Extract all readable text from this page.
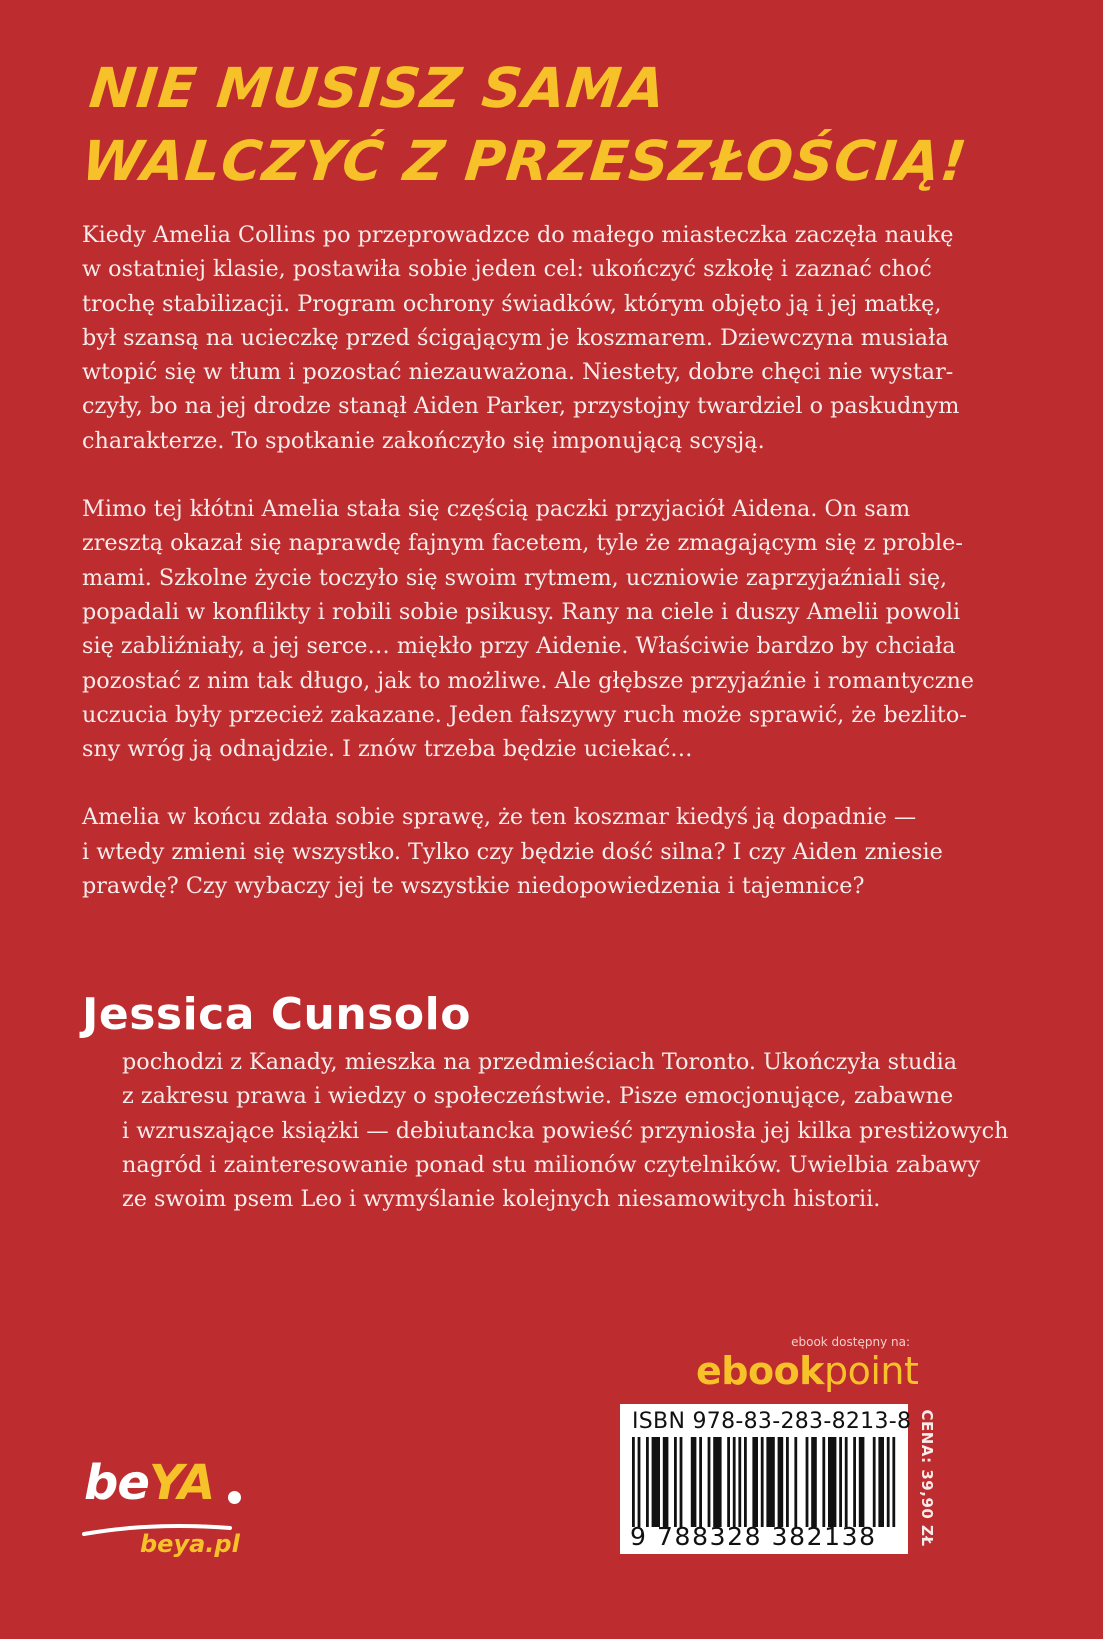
NIE MUSISZ SAMA
WALCZYĆ Z PRZESZŁOŚCIĄ!
Kiedy Amelia Collins po przeprowadzce do małego miasteczka zaczęła naukę
w ostatniej klasie, postawiła sobie jeden cel: ukończyć szkołę i zaznać choć
trochę stabilizacji. Program ochrony świadków, którym objęto ją i jej matkę,
był szansą na ucieczkę przed ścigającym je koszmarem. Dziewczyna musiała
wtopić się w tłum i pozostać niezauważona. Niestety, dobre chęci nie wystar-
czyły, bo na jej drodze stanął Aiden Parker, przystojny twardziel o paskudnym
charakterze. To spotkanie zakończyło się imponującą scysją.
Mimo tej kłótni Amelia stała się częścią paczki przyjaciół Aidena. On sam
zresztą okazał się naprawdę fajnym facetem, tyle że zmagającym się z proble-
mami. Szkolne życie toczyło się swoim rytmem, uczniowie zaprzyjaźniali się,
popadali w konflikty i robili sobie psikusy. Rany na ciele i duszy Amelii powoli
się zabliźniały, a jej serce… miękło przy Aidenie. Właściwie bardzo by chciała
pozostać z nim tak długo, jak to możliwe. Ale głębsze przyjaźnie i romantyczne
uczucia były przecież zakazane. Jeden fałszywy ruch może sprawić, że bezlito-
sny wróg ją odnajdzie. I znów trzeba będzie uciekać…
Amelia w końcu zdała sobie sprawę, że ten koszmar kiedyś ją dopadnie —
i wtedy zmieni się wszystko. Tylko czy będzie dość silna? I czy Aiden zniesie
prawdę? Czy wybaczy jej te wszystkie niedopowiedzenia i tajemnice?
Jessica Cunsolo
pochodzi z Kanady, mieszka na przedmieściach Toronto. Ukończyła studia
z zakresu prawa i wiedzy o społeczeństwie. Pisze emocjonujące, zabawne
i wzruszające książki — debiutancka powieść przyniosła jej kilka prestiżowych
nagród i zainteresowanie ponad stu milionów czytelników. Uwielbia zabawy
ze swoim psem Leo i wymyślanie kolejnych niesamowitych historii.
ebook dostępny na:
ebookpoint
ISBN 978-83-283-8213-8
9 788328 382138	CENA: 39,90 ZŁ
beYA
beya.pl
